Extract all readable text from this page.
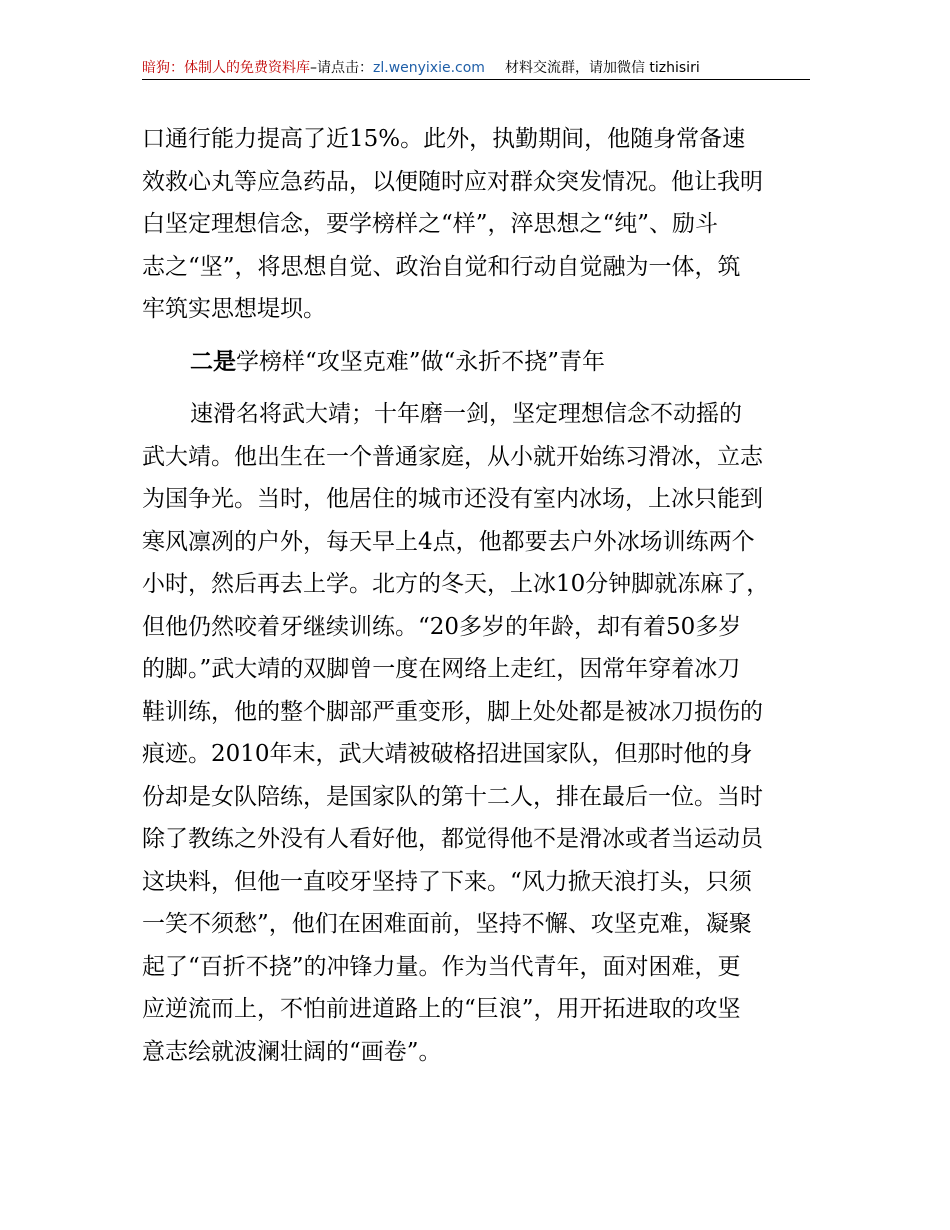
暗狗：体制人的免费资料库–请点击：zl.wenyixie.com 材料交流群，请加微信 tizhisiri
口通行能力提高了近15%。此外，执勤期间，他随身常备速
效救心丸等应急药品，以便随时应对群众突发情况。他让我明
白坚定理想信念，要学榜样之“样”，淬思想之“纯”、励斗
志之“坚”，将思想自觉、政治自觉和行动自觉融为一体，筑
牢筑实思想堤坝。
二是学榜样“攻坚克难”做“永折不挠”青年
速滑名将武大靖；十年磨一剑，坚定理想信念不动摇的
武大靖。他出生在一个普通家庭，从小就开始练习滑冰，立志
为国争光。当时，他居住的城市还没有室内冰场，上冰只能到
寒风凛冽的户外，每天早上4点，他都要去户外冰场训练两个
小时，然后再去上学。北方的冬天，上冰10分钟脚就冻麻了，
但他仍然咬着牙继续训练。“20多岁的年龄，却有着50多岁
的脚。”武大靖的双脚曾一度在网络上走红，因常年穿着冰刀
鞋训练，他的整个脚部严重变形，脚上处处都是被冰刀损伤的
痕迹。2010年末，武大靖被破格招进国家队，但那时他的身
份却是女队陪练，是国家队的第十二人，排在最后一位。当时
除了教练之外没有人看好他，都觉得他不是滑冰或者当运动员
这块料，但他一直咬牙坚持了下来。“风力掀天浪打头，只须
一笑不须愁”，他们在困难面前，坚持不懈、攻坚克难，凝聚
起了“百折不挠”的冲锋力量。作为当代青年，面对困难，更
应逆流而上，不怕前进道路上的“巨浪”，用开拓进取的攻坚
意志绘就波澜壮阔的“画卷”。
